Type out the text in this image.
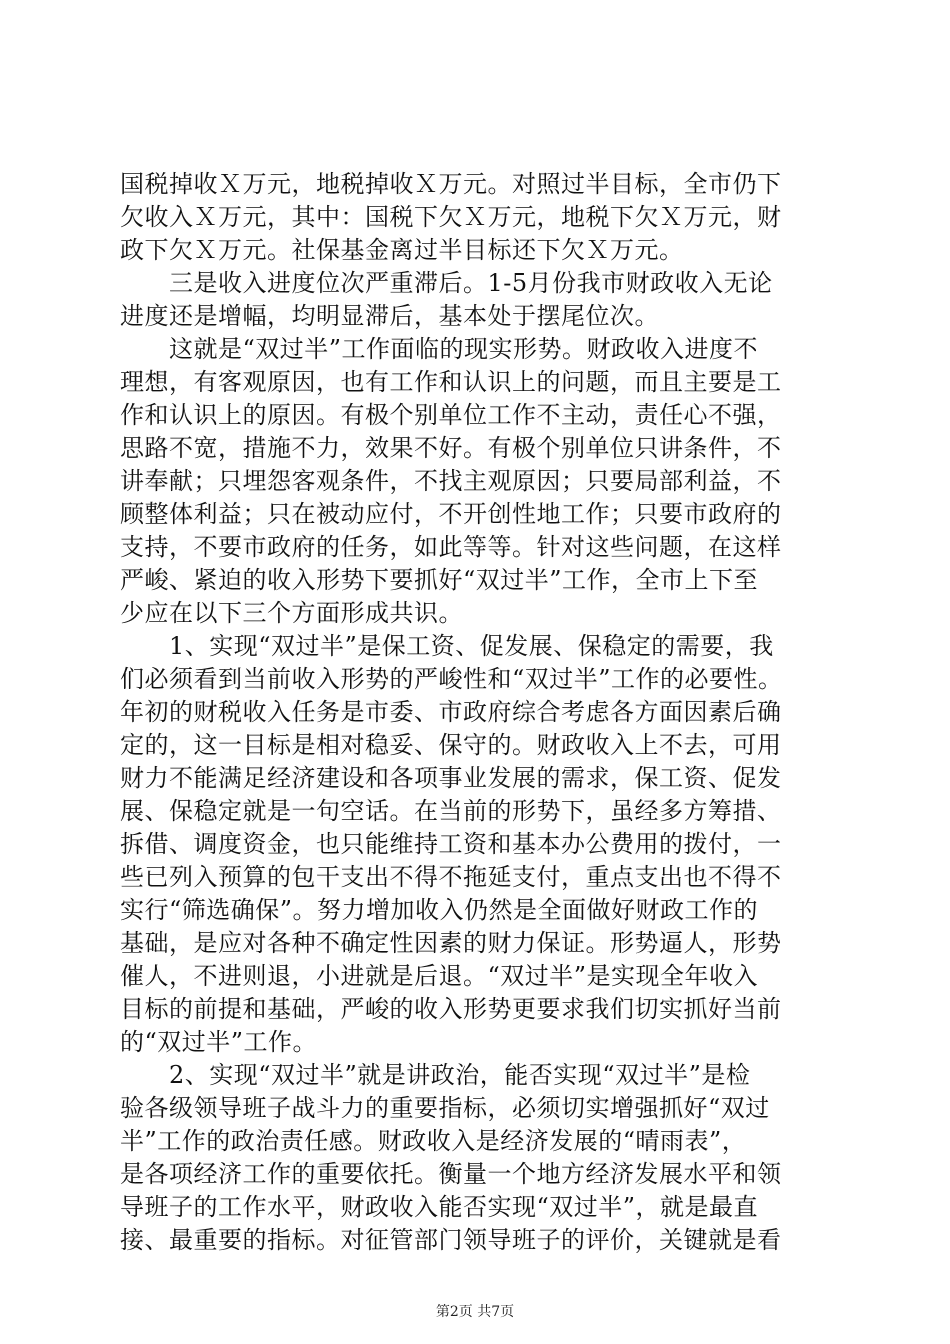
国税掉收Ｘ万元，地税掉收Ｘ万元。对照过半目标，全市仍下
欠收入Ｘ万元，其中：国税下欠Ｘ万元，地税下欠Ｘ万元，财
政下欠Ｘ万元。社保基金离过半目标还下欠Ｘ万元。
　　三是收入进度位次严重滞后。1-5月份我市财政收入无论
进度还是增幅，均明显滞后，基本处于摆尾位次。
　　这就是“双过半”工作面临的现实形势。财政收入进度不
理想，有客观原因，也有工作和认识上的问题，而且主要是工
作和认识上的原因。有极个别单位工作不主动，责任心不强，
思路不宽，措施不力，效果不好。有极个别单位只讲条件，不
讲奉献；只埋怨客观条件，不找主观原因；只要局部利益，不
顾整体利益；只在被动应付，不开创性地工作；只要市政府的
支持，不要市政府的任务，如此等等。针对这些问题，在这样
严峻、紧迫的收入形势下要抓好“双过半”工作，全市上下至
少应在以下三个方面形成共识。
　　1、实现“双过半”是保工资、促发展、保稳定的需要，我
们必须看到当前收入形势的严峻性和“双过半”工作的必要性。
年初的财税收入任务是市委、市政府综合考虑各方面因素后确
定的，这一目标是相对稳妥、保守的。财政收入上不去，可用
财力不能满足经济建设和各项事业发展的需求，保工资、促发
展、保稳定就是一句空话。在当前的形势下，虽经多方筹措、
拆借、调度资金，也只能维持工资和基本办公费用的拨付，一
些已列入预算的包干支出不得不拖延支付，重点支出也不得不
实行“筛选确保”。努力增加收入仍然是全面做好财政工作的
基础，是应对各种不确定性因素的财力保证。形势逼人，形势
催人，不进则退，小进就是后退。“双过半”是实现全年收入
目标的前提和基础，严峻的收入形势更要求我们切实抓好当前
的“双过半”工作。
　　2、实现“双过半”就是讲政治，能否实现“双过半”是检
验各级领导班子战斗力的重要指标，必须切实增强抓好“双过
半”工作的政治责任感。财政收入是经济发展的“晴雨表”，
是各项经济工作的重要依托。衡量一个地方经济发展水平和领
导班子的工作水平，财政收入能否实现“双过半”，就是最直
接、最重要的指标。对征管部门领导班子的评价，关键就是看
第2页 共7页
